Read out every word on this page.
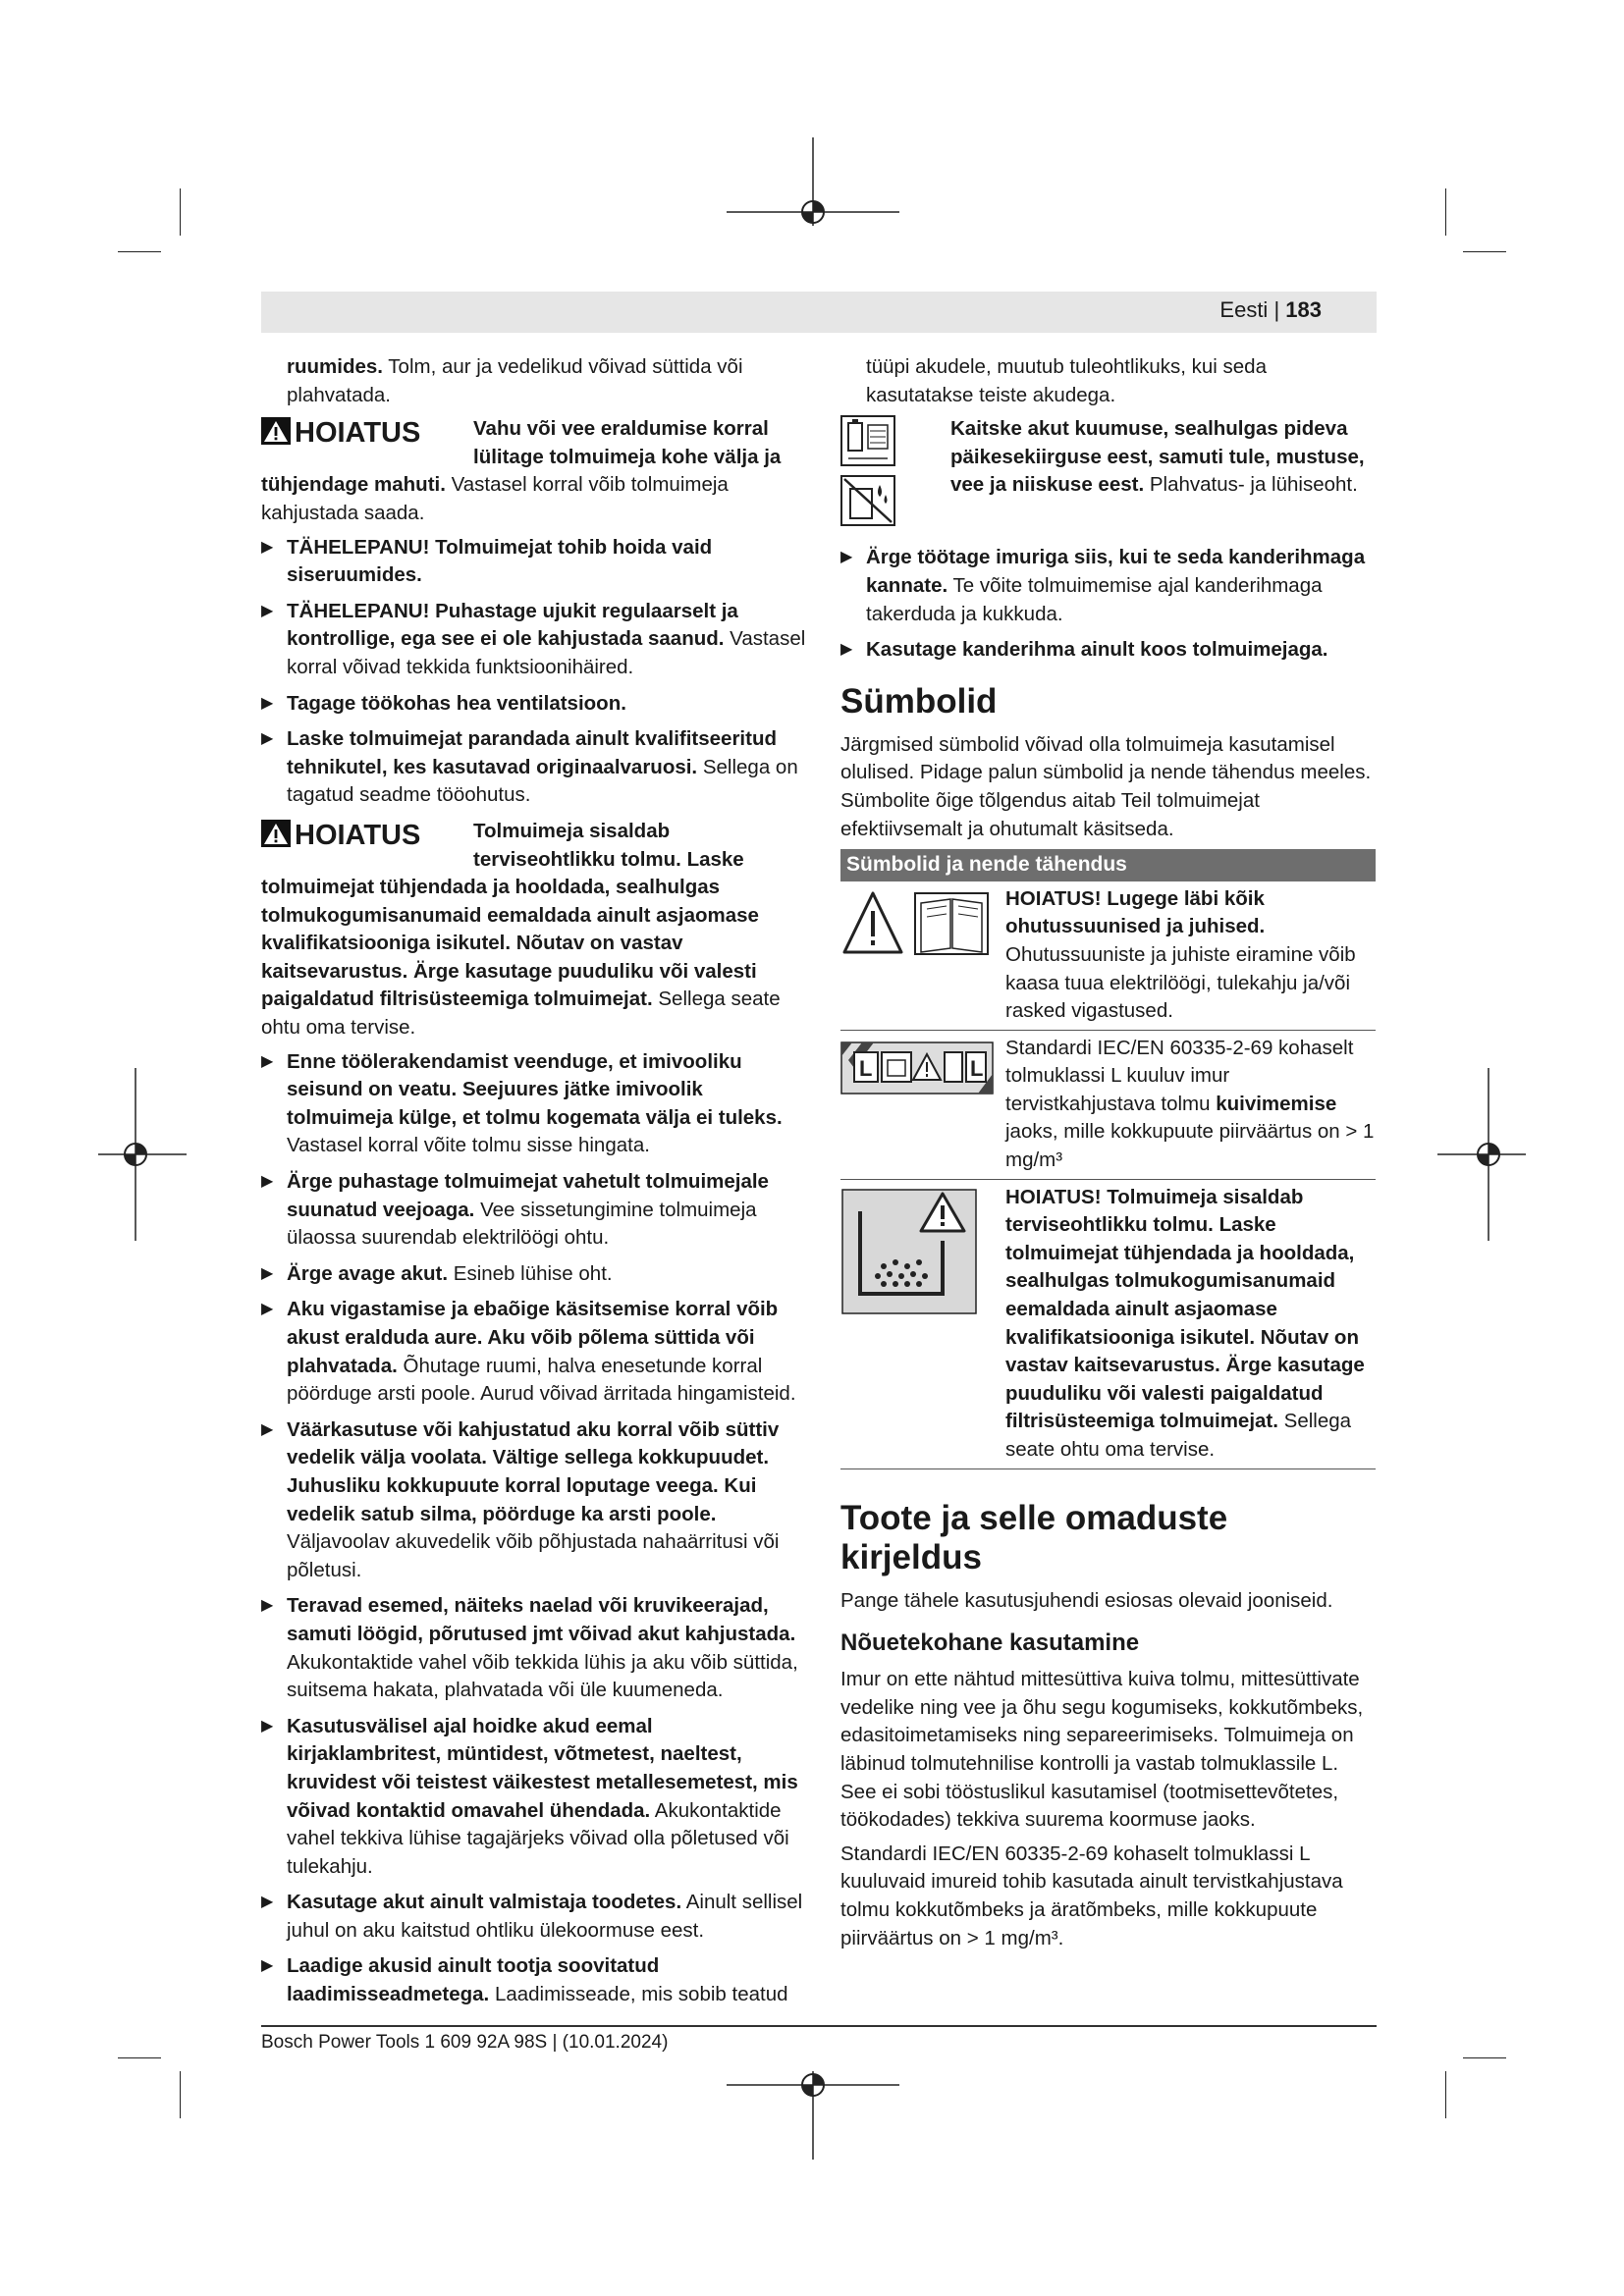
Eesti | 183

ruumides. Tolm, aur ja vedelikud võivad süttida või plahvatada.

HOIATUS	Vahu või vee eraldumise korral lülitage tolmuimeja kohe välja ja

tühjendage mahuti. Vastasel korral võib tolmuimeja kahjustada saada.

▶ TÄHELEPANU! Tolmuimejat tohib hoida vaid siseruumides.
▶ TÄHELEPANU! Puhastage ujukit regulaarselt ja kontrollige, ega see ei ole kahjustada saanud. Vastasel korral võivad tekkida funktsioonihäired.
▶ Tagage töökohas hea ventilatsioon.
▶ Laske tolmuimejat parandada ainult kvalifitseeritud tehnikutel, kes kasutavad originaalvaruosi. Sellega on tagatud seadme tööohutus.
HOIATUS	Tolmuimeja sisaldab terviseohtlikku tolmu. Laske

tolmuimejat tühjendada ja hooldada, sealhulgas tolmukogumisanumaid eemaldada ainult asjaomase kvalifikatsiooniga isikutel. Nõutav on vastav kaitsevarustus. Ärge kasutage puuduliku või valesti paigaldatud filtrisüsteemiga tolmuimejat. Sellega seate ohtu oma tervise.

▶ Enne töölerakendamist veenduge, et imivooliku seisund on veatu. Seejuures jätke imivoolik tolmuimeja külge, et tolmu kogemata välja ei tuleks. Vastasel korral võite tolmu sisse hingata.
▶ Ärge puhastage tolmuimejat vahetult tolmuimejale suunatud veejoaga. Vee sissetungimine tolmuimeja ülaossa suurendab elektrilöögi ohtu.
▶ Ärge avage akut. Esineb lühise oht.
▶ Aku vigastamise ja ebaõige käsitsemise korral võib akust eralduda aure. Aku võib põlema süttida või plahvatada. Õhutage ruumi, halva enesetunde korral pöörduge arsti poole. Aurud võivad ärritada hingamisteid.
▶ Väärkasutuse või kahjustatud aku korral võib süttiv vedelik välja voolata. Vältige sellega kokkupuudet. Juhusliku kokkupuute korral loputage veega. Kui vedelik satub silma, pöörduge ka arsti poole. Väljavoolav akuvedelik võib põhjustada nahaärritusi või põletusi.
▶ Teravad esemed, näiteks naelad või kruvikeerajad, samuti löögid, põrutused jmt võivad akut kahjustada. Akukontaktide vahel võib tekkida lühis ja aku võib süttida, suitsema hakata, plahvatada või üle kuumeneda.
▶ Kasutusvälisel ajal hoidke akud eemal kirjaklambritest, müntidest, võtmetest, naeltest, kruvidest või teistest väikestest metallesemetest, mis võivad kontaktid omavahel ühendada. Akukontaktide vahel tekkiva lühise tagajärjeks võivad olla põletused või tulekahju.
▶ Kasutage akut ainult valmistaja toodetes. Ainult sellisel juhul on aku kaitstud ohtliku ülekoormuse eest.
▶ Laadige akusid ainult tootja soovitatud laadimisseadmetega. Laadimisseade, mis sobib teatud

tüüpi akudele, muutub tuleohtlikuks, kui seda kasutatakse teiste akudega.

Kaitske akut kuumuse, sealhulgas pideva päikesekiirguse eest, samuti tule, mustuse, vee ja niiskuse eest. Plahvatus- ja lühiseoht.
▶ Ärge töötage imuriga siis, kui te seda kanderihmaga kannate. Te võite tolmuimemise ajal kanderihmaga takerduda ja kukkuda.
▶ Kasutage kanderihma ainult koos tolmuimejaga.
Sümbolid

Järgmised sümbolid võivad olla tolmuimeja kasutamisel olulised. Pidage palun sümbolid ja nende tähendus meeles. Sümbolite õige tõlgendus aitab Teil tolmuimejat efektiivsemalt ja ohutumalt käsitseda.

Sümbolid ja nende tähendus
HOIATUS! Lugege läbi kõik ohutussuunised ja juhised. Ohutussuuniste ja juhiste eiramine võib kaasa tuua elektrilöögi, tulekahju ja/või rasked vigastused.
L	L
Standardi IEC/EN 60335-2-69 kohaselt tolmuklassi L kuuluv imur tervistkahjustava tolmu kuivimemise jaoks, mille kokkupuute piirväärtus on > 1 mg/m³
HOIATUS! Tolmuimeja sisaldab terviseohtlikku tolmu. Laske tolmuimejat tühjendada ja hooldada, sealhulgas tolmukogumisanumaid eemaldada ainult asjaomase kvalifikatsiooniga isikutel. Nõutav on vastav kaitsevarustus. Ärge kasutage puuduliku või valesti paigaldatud filtrisüsteemiga tolmuimejat. Sellega seate ohtu oma tervise.
Toote ja selle omaduste kirjeldus

Pange tähele kasutusjuhendi esiosas olevaid jooniseid.

Nõuetekohane kasutamine

Imur on ette nähtud mittesüttiva kuiva tolmu, mittesüttivate vedelike ning vee ja õhu segu kogumiseks, kokkutõmbeks, edasitoimetamiseks ning separeerimiseks. Tolmuimeja on läbinud tolmutehnilise kontrolli ja vastab tolmuklassile L. See ei sobi tööstuslikul kasutamisel (tootmisettevõtetes, töökodades) tekkiva suurema koormuse jaoks.

Standardi IEC/EN 60335-2-69 kohaselt tolmuklassi L kuuluvaid imureid tohib kasutada ainult tervistkahjustava tolmu kokkutõmbeks ja äratõmbeks, mille kokkupuute piirväärtus on > 1 mg/m³.

Bosch Power Tools 1 609 92A 98S | (10.01.2024)
